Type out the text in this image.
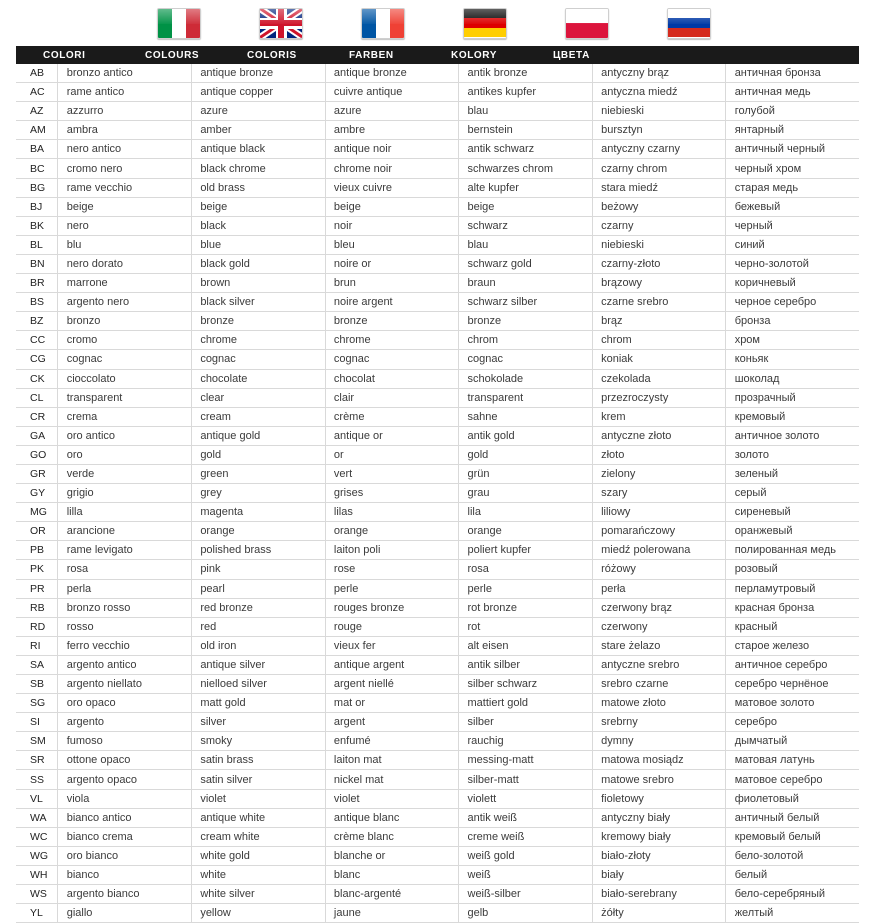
COLORI	COLOURS	COLORIS	FARBEN	KOLORY	ЦВЕТА
AB		bronzo antico		antique bronze		antique bronze		antik bronze		antyczny brąz		античная бронза
AC		rame antico		antique copper		cuivre antique		antikes kupfer		antyczna miedź		античная медь
AZ		azzurro		azure		azure		blau		niebieski		голубой
AM		ambra		amber		ambre		bernstein		bursztyn		янтарный
BA		nero antico		antique black		antique noir		antik schwarz		antyczny czarny		античный черный
BC		cromo nero		black chrome		chrome noir		schwarzes chrom		czarny chrom		черный хром
BG		rame vecchio		old brass		vieux cuivre		alte kupfer		stara miedź		старая медь
BJ		beige		beige		beige		beige		beżowy		бежевый
BK		nero		black		noir		schwarz		czarny		черный
BL		blu		blue		bleu		blau		niebieski		синий
BN		nero dorato		black gold		noire or		schwarz gold		czarny-złoto		черно-золотой
BR		marrone		brown		brun		braun		brązowy		коричневый
BS		argento nero		black silver		noire argent		schwarz silber		czarne srebro		черное серебро
BZ		bronzo		bronze		bronze		bronze		brąz		бронза
CC		cromo		chrome		chrome		chrom		chrom		хром
CG		cognac		cognac		cognac		cognac		koniak		коньяк
CK		cioccolato		chocolate		chocolat		schokolade		czekolada		шоколад
CL		transparent		clear		clair		transparent		przezroczysty		прозрачный
CR		crema		cream		crème		sahne		krem		кремовый
GA		oro antico		antique gold		antique or		antik gold		antyczne złoto		античное золото
GO		oro		gold		or		gold		złoto		золото
GR		verde		green		vert		grün		zielony		зеленый
GY		grigio		grey		grises		grau		szary		серый
MG		lilla		magenta		lilas		lila		liliowy		сиреневый
OR		arancione		orange		orange		orange		pomarańczowy		оранжевый
PB		rame levigato		polished brass		laiton poli		poliert kupfer		miedź polerowana		полированная медь
PK		rosa		pink		rose		rosa		różowy		розовый
PR		perla		pearl		perle		perle		perła		перламутровый
RB		bronzo rosso		red bronze		rouges bronze		rot bronze		czerwony brąz		красная бронза
RD		rosso		red		rouge		rot		czerwony		красный
RI		ferro vecchio		old iron		vieux fer		alt eisen		stare żelazo		старое железо
SA		argento antico		antique silver		antique argent		antik silber		antyczne srebro		античное серебро
SB		argento niellato		nielloed silver		argent niellé		silber schwarz		srebro czarne		серебро чернёное
SG		oro opaco		matt gold		mat or		mattiert gold		matowe złoto		матовое золото
SI		argento		silver		argent		silber		srebrny		серебро
SM		fumoso		smoky		enfumé		rauchig		dymny		дымчатый
SR		ottone opaco		satin brass		laiton mat		messing-matt		matowa mosiądz		матовая латунь
SS		argento opaco		satin silver		nickel mat		silber-matt		matowe srebro		матовое серебро
VL		viola		violet		violet		violett		fioletowy		фиолетовый
WA		bianco antico		antique white		antique blanc		antik weiß		antyczny biały		античный белый
WC		bianco crema		cream white		crème blanc		creme weiß		kremowy biały		кремовый белый
WG		oro bianco		white gold		blanche or		weiß gold		biało-złoty		бело-золотой
WH		bianco		white		blanc		weiß		biały		белый
WS		argento bianco		white silver		blanc-argenté		weiß-silber		biało-serebrany		бело-серебряный
YL		giallo		yellow		jaune		gelb		żółty		желтый
